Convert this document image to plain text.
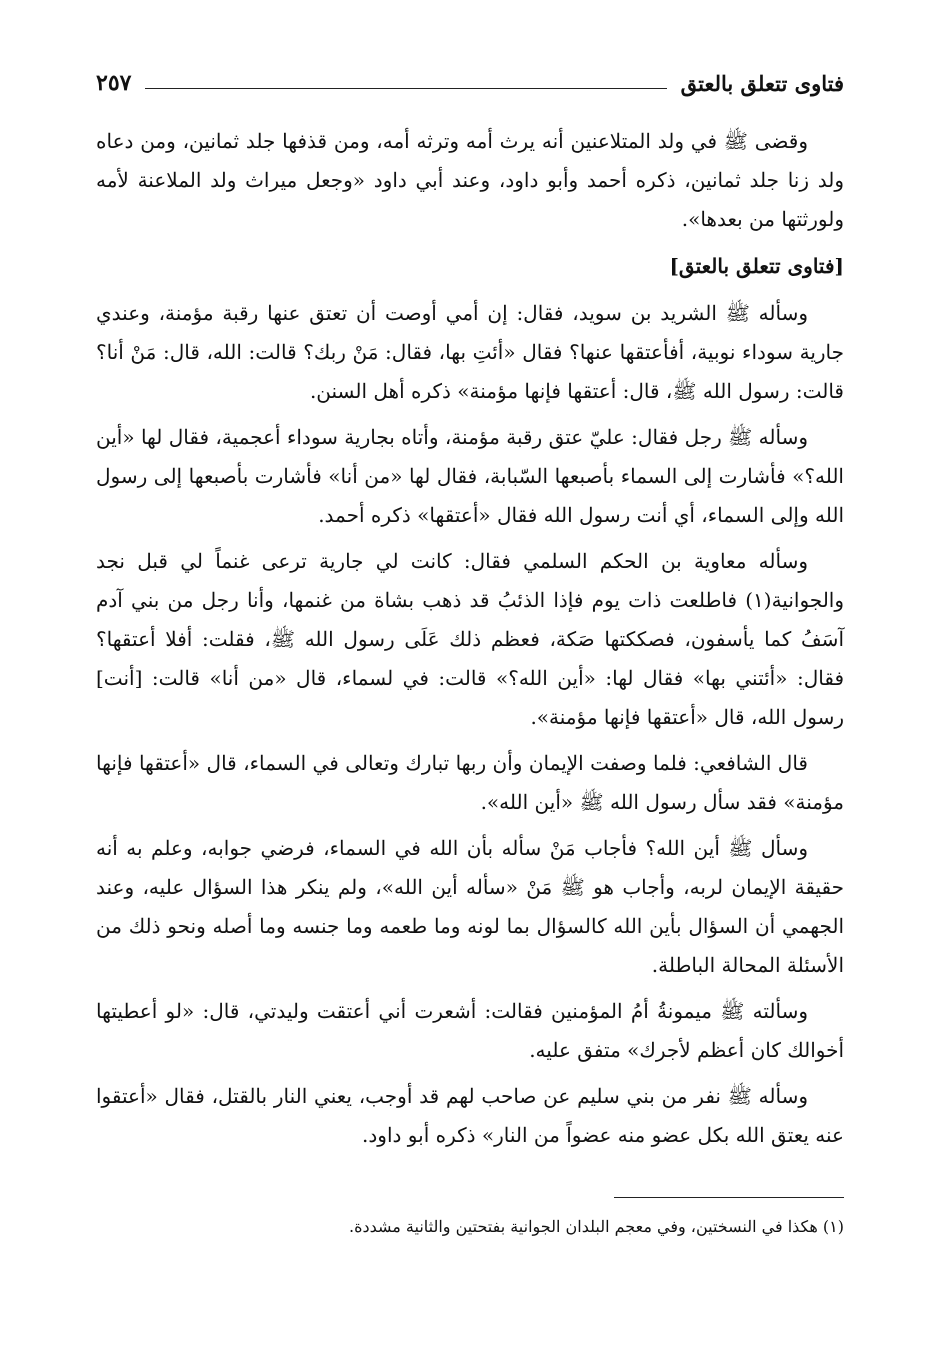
فتاوى تتعلق بالعتق
٢٥٧

وقضى ﷺ في ولد المتلاعنين أنه يرث أمه وترثه أمه، ومن قذفها جلد ثمانين، ومن دعاه ولد زنا جلد ثمانين، ذكره أحمد وأبو داود، وعند أبي داود «وجعل ميراث ولد الملاعنة لأمه ولورثتها من بعدها».

[فتاوى تتعلق بالعتق]

وسأله ﷺ الشريد بن سويد، فقال: إن أمي أوصت أن تعتق عنها رقبة مؤمنة، وعندي جارية سوداء نوبية، أفأعتقها عنها؟ فقال «أئتِ بها، فقال: مَنْ ربك؟ قالت: الله، قال: مَنْ أنا؟ قالت: رسول الله ﷺ، قال: أعتقها فإنها مؤمنة» ذكره أهل السنن.

وسأله ﷺ رجل فقال: عليّ عتق رقبة مؤمنة، وأتاه بجارية سوداء أعجمية، فقال لها «أين الله؟» فأشارت إلى السماء بأصبعها السّبابة، فقال لها «من أنا» فأشارت بأصبعها إلى رسول الله وإلى السماء، أي أنت رسول الله فقال «أعتقها» ذكره أحمد.

وسأله معاوية بن الحكم السلمي فقال: كانت لي جارية ترعى غنماً لي قبل نجد والجوانية(١) فاطلعت ذات يوم فإذا الذئبُ قد ذهب بشاة من غنمها، وأنا رجل من بني آدم آسَفُ كما يأسفون، فصككتها صَكة، فعظم ذلك عَلَى رسول الله ﷺ، فقلت: أفلا أعتقها؟ فقال: «أئتني بها» فقال لها: «أين الله؟» قالت: في لسماء، قال «من أنا» قالت: [أنت] رسول الله، قال «أعتقها فإنها مؤمنة».

قال الشافعي: فلما وصفت الإيمان وأن ربها تبارك وتعالى في السماء، قال «أعتقها فإنها مؤمنة» فقد سأل رسول الله ﷺ «أين الله».

وسأل ﷺ أين الله؟ فأجاب مَنْ سأله بأن الله في السماء، فرضي جوابه، وعلم به أنه حقيقة الإيمان لربه، وأجاب هو ﷺ مَنْ «سأله أين الله»، ولم ينكر هذا السؤال عليه، وعند الجهمي أن السؤال بأين الله كالسؤال بما لونه وما طعمه وما جنسه وما أصله ونحو ذلك من الأسئلة المحالة الباطلة.

وسألته ﷺ ميمونةُ أمُ المؤمنين فقالت: أشعرت أني أعتقت وليدتي، قال: «لو أعطيتها أخوالك كان أعظم لأجرك» متفق عليه.

وسأله ﷺ نفر من بني سليم عن صاحب لهم قد أوجب، يعني النار بالقتل، فقال «أعتقوا عنه يعتق الله بكل عضو منه عضواً من النار» ذكره أبو داود.

(١) هكذا في النسختين، وفي معجم البلدان الجوانية بفتحتين والثانية مشددة.
